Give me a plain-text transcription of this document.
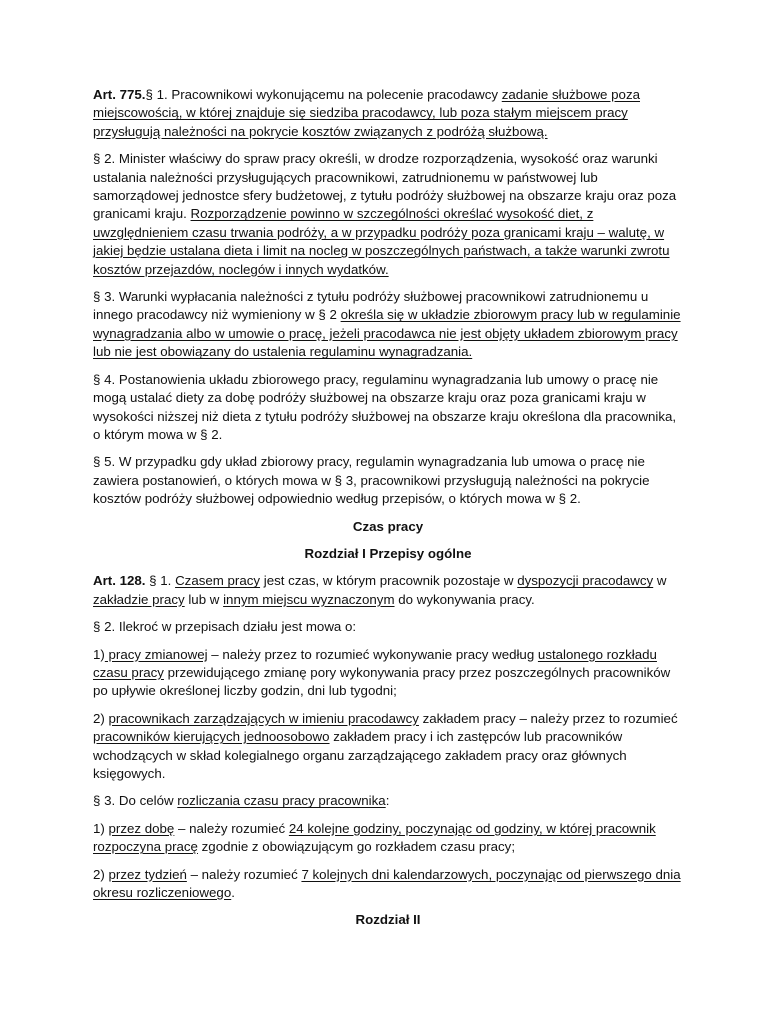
Art. 775.§ 1. Pracownikowi wykonującemu na polecenie pracodawcy zadanie służbowe poza miejscowością, w której znajduje się siedziba pracodawcy, lub poza stałym miejscem pracy przysługują należności na pokrycie kosztów związanych z podróżą służbową.

§ 2. Minister właściwy do spraw pracy określi, w drodze rozporządzenia, wysokość oraz warunki ustalania należności przysługujących pracownikowi, zatrudnionemu w państwowej lub samorządowej jednostce sfery budżetowej, z tytułu podróży służbowej na obszarze kraju oraz poza granicami kraju. Rozporządzenie powinno w szczególności określać wysokość diet, z uwzględnieniem czasu trwania podróży, a w przypadku podróży poza granicami kraju – walutę, w jakiej będzie ustalana dieta i limit na nocleg w poszczególnych państwach, a także warunki zwrotu kosztów przejazdów, noclegów i innych wydatków.

§ 3. Warunki wypłacania należności z tytułu podróży służbowej pracownikowi zatrudnionemu u innego pracodawcy niż wymieniony w § 2 określa się w układzie zbiorowym pracy lub w regulaminie wynagradzania albo w umowie o pracę, jeżeli pracodawca nie jest objęty układem zbiorowym pracy lub nie jest obowiązany do ustalenia regulaminu wynagradzania.

§ 4. Postanowienia układu zbiorowego pracy, regulaminu wynagradzania lub umowy o pracę nie mogą ustalać diety za dobę podróży służbowej na obszarze kraju oraz poza granicami kraju w wysokości niższej niż dieta z tytułu podróży służbowej na obszarze kraju określona dla pracownika, o którym mowa w § 2.

§ 5. W przypadku gdy układ zbiorowy pracy, regulamin wynagradzania lub umowa o pracę nie zawiera postanowień, o których mowa w § 3, pracownikowi przysługują należności na pokrycie kosztów podróży służbowej odpowiednio według przepisów, o których mowa w § 2.

Czas pracy

Rozdział I Przepisy ogólne

Art. 128. § 1. Czasem pracy jest czas, w którym pracownik pozostaje w dyspozycji pracodawcy w zakładzie pracy lub w innym miejscu wyznaczonym do wykonywania pracy.

§ 2. Ilekroć w przepisach działu jest mowa o:

1) pracy zmianowej – należy przez to rozumieć wykonywanie pracy według ustalonego rozkładu czasu pracy przewidującego zmianę pory wykonywania pracy przez poszczególnych pracowników po upływie określonej liczby godzin, dni lub tygodni;

2) pracownikach zarządzających w imieniu pracodawcy zakładem pracy – należy przez to rozumieć pracowników kierujących jednoosobowo zakładem pracy i ich zastępców lub pracowników wchodzących w skład kolegialnego organu zarządzającego zakładem pracy oraz głównych księgowych.

§ 3. Do celów rozliczania czasu pracy pracownika:

1) przez dobę – należy rozumieć 24 kolejne godziny, poczynając od godziny, w której pracownik rozpoczyna pracę zgodnie z obowiązującym go rozkładem czasu pracy;

2) przez tydzień – należy rozumieć 7 kolejnych dni kalendarzowych, poczynając od pierwszego dnia okresu rozliczeniowego.

Rozdział II
